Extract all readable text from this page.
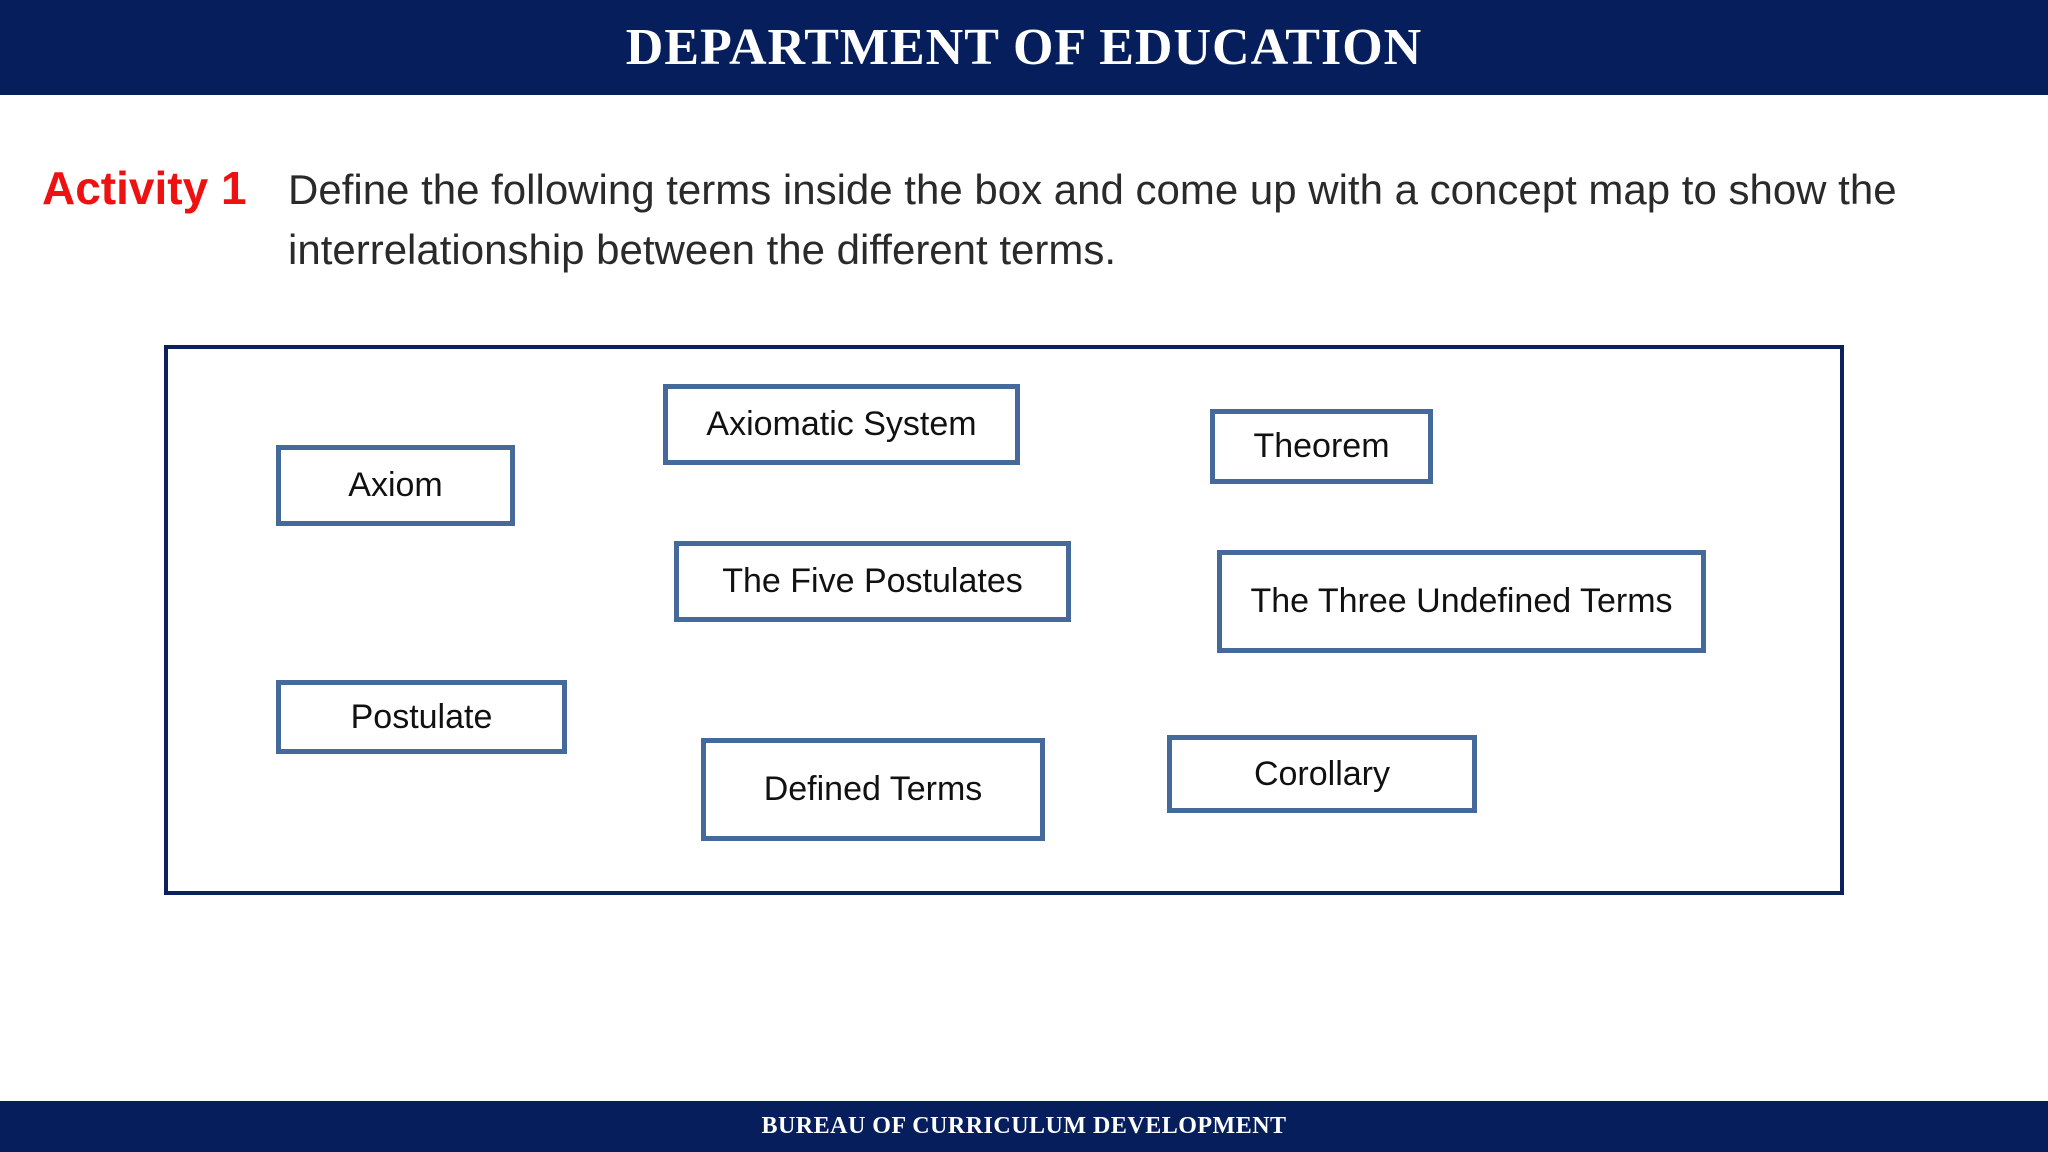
DEPARTMENT OF EDUCATION
Activity 1 Define the following terms inside the box and come up with a concept map to show the
interrelationship between the different terms.
Axiom
Axiomatic System
Theorem
The Five Postulates
The Three Undefined Terms
Postulate
Defined Terms	Corollary
BUREAU OF CURRICULUM DEVELOPMENT
